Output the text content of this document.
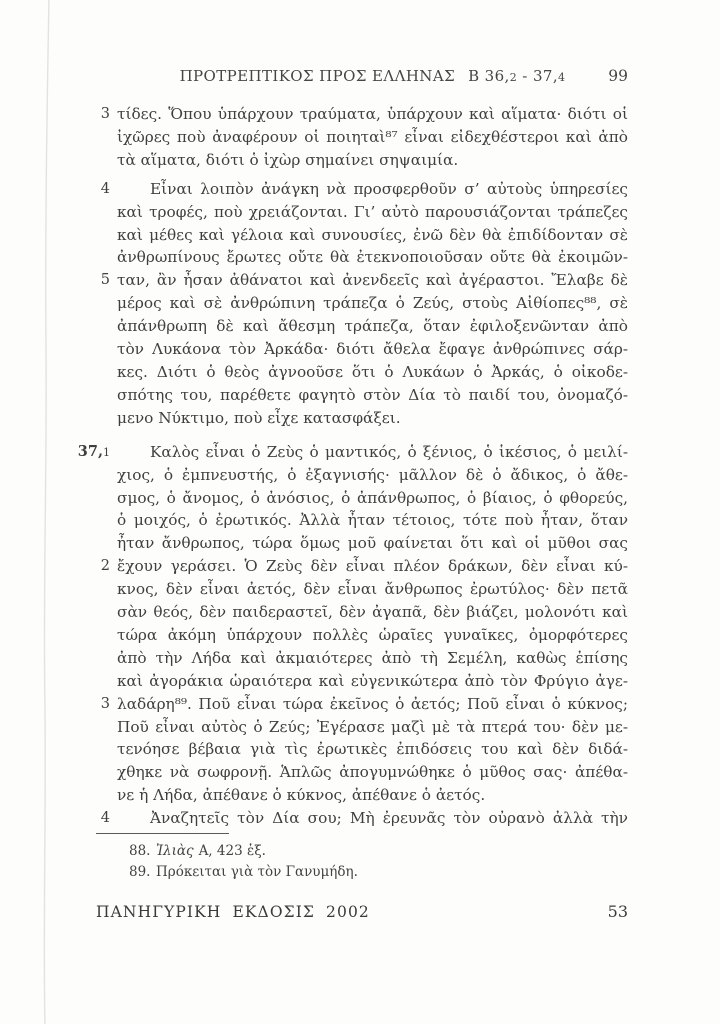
ΠΡΟΤΡΕΠΤΙΚΟΣ ΠΡΟΣ ΕΛΛΗΝΑΣ Β 36,2 - 37,4	99
3 τίδες. Ὅπου ὑπάρχουν τραύματα, ὑπάρχουν καὶ αἵματα· διότι οἱ
ἰχῶρες ποὺ ἀναφέρουν οἱ ποιηταὶ⁸⁷ εἶναι εἰδεχθέστεροι καὶ ἀπὸ
τὰ αἵματα, διότι ὁ ἰχὼρ σημαίνει σηψαιμία.
4	Εἶναι λοιπὸν ἀνάγκη νὰ προσφερθοῦν σ’ αὐτοὺς ὑπηρεσίες
καὶ τροφές, ποὺ χρειάζονται. Γι’ αὐτὸ παρουσιάζονται τράπεζες
καὶ μέθες καὶ γέλοια καὶ συνουσίες, ἐνῶ δὲν θὰ ἐπιδίδονταν σὲ
ἀνθρωπίνους ἔρωτες οὔτε θὰ ἐτεκνοποιοῦσαν οὔτε θὰ ἐκοιμῶν-
5 ταν, ἂν ἦσαν ἀθάνατοι καὶ ἀνενδεεῖς καὶ ἀγέραστοι. Ἔλαβε δὲ
μέρος καὶ σὲ ἀνθρώπινη τράπεζα ὁ Ζεύς, στοὺς Αἰθίοπες⁸⁸, σὲ
ἀπάνθρωπη δὲ καὶ ἄθεσμη τράπεζα, ὅταν ἐφιλοξενῶνταν ἀπὸ
τὸν Λυκάονα τὸν Ἀρκάδα· διότι ἄθελα ἔφαγε ἀνθρώπινες σάρ-
κες. Διότι ὁ θεὸς ἀγνοοῦσε ὅτι ὁ Λυκάων ὁ Ἀρκάς, ὁ οἰκοδε-
σπότης του, παρέθετε φαγητὸ στὸν Δία τὸ παιδί του, ὀνομαζό-
μενο Νύκτιμο, ποὺ εἶχε κατασφάξει.
37,1	Καλὸς εἶναι ὁ Ζεὺς ὁ μαντικός, ὁ ξένιος, ὁ ἱκέσιος, ὁ μειλί-
χιος, ὁ ἐμπνευστής, ὁ ἐξαγνισής· μᾶλλον δὲ ὁ ἄδικος, ὁ ἄθε-
σμος, ὁ ἄνομος, ὁ ἀνόσιος, ὁ ἀπάνθρωπος, ὁ βίαιος, ὁ φθορεύς,
ὁ μοιχός, ὁ ἐρωτικός. Ἀλλὰ ἦταν τέτοιος, τότε ποὺ ἦταν, ὅταν
ἦταν ἄνθρωπος, τώρα ὅμως μοῦ φαίνεται ὅτι καὶ οἱ μῦθοι σας
2 ἔχουν γεράσει. Ὁ Ζεὺς δὲν εἶναι πλέον δράκων, δὲν εἶναι κύ-
κνος, δὲν εἶναι ἀετός, δὲν εἶναι ἄνθρωπος ἐρωτύλος· δὲν πετᾶ
σὰν θεός, δὲν παιδεραστεῖ, δὲν ἀγαπᾶ, δὲν βιάζει, μολονότι καὶ
τώρα ἀκόμη ὑπάρχουν πολλὲς ὡραῖες γυναῖκες, ὀμορφότερες
ἀπὸ τὴν Λήδα καὶ ἀκμαιότερες ἀπὸ τὴ Σεμέλη, καθὼς ἐπίσης
καὶ ἀγοράκια ὡραιότερα καὶ εὐγενικώτερα ἀπὸ τὸν Φρύγιο ἀγε-
3 λαδάρη⁸⁹. Ποῦ εἶναι τώρα ἐκεῖνος ὁ ἀετός; Ποῦ εἶναι ὁ κύκνος;
Ποῦ εἶναι αὐτὸς ὁ Ζεύς; Ἐγέρασε μαζὶ μὲ τὰ πτερά του· δὲν με-
τενόησε βέβαια γιὰ τὶς ἐρωτικὲς ἐπιδόσεις του καὶ δὲν διδά-
χθηκε νὰ σωφρονῇ. Ἁπλῶς ἀπογυμνώθηκε ὁ μῦθος σας· ἀπέθα-
νε ἡ Λήδα, ἀπέθανε ὁ κύκνος, ἀπέθανε ὁ ἀετός.
4	Ἀναζητεῖς τὸν Δία σου; Μὴ ἐρευνᾶς τὸν οὐρανὸ ἀλλὰ τὴν
88. Ἰλιὰς Α, 423 ἑξ.
89. Πρόκειται γιὰ τὸν Γανυμήδη.
ΠΑΝΗΓΥΡΙΚΗ ΕΚΔΟΣΙΣ 2002	53
